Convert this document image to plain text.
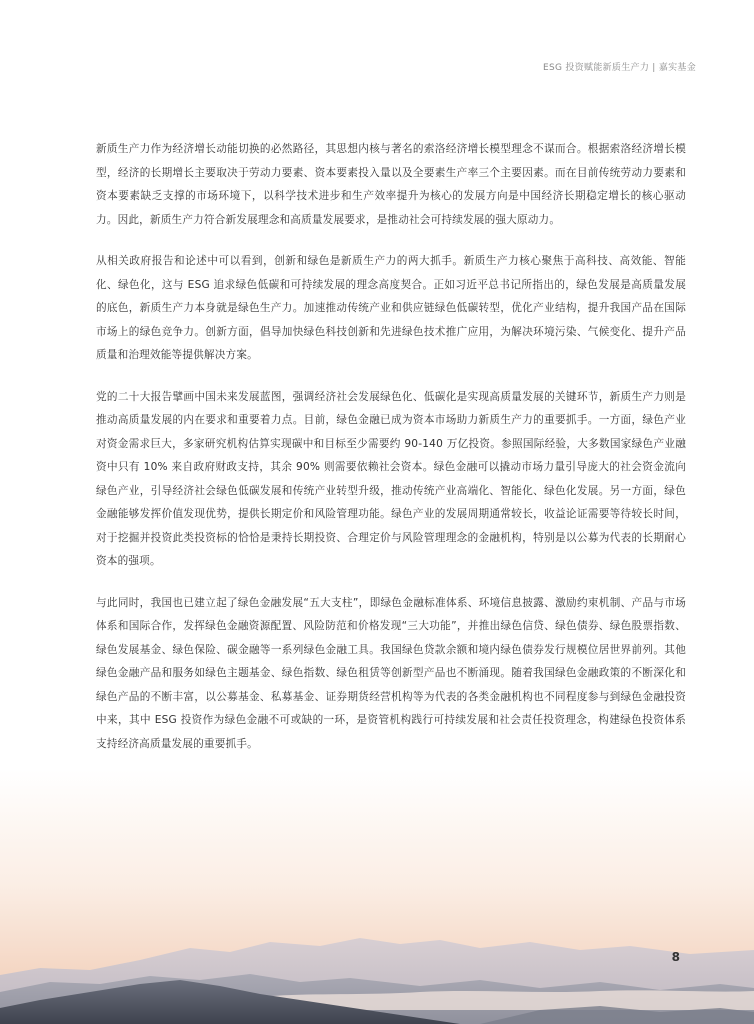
ESG 投资赋能新质生产力 | 嘉实基金

新质生产力作为经济增长动能切换的必然路径，其思想内核与著名的索洛经济增长模型理念不谋而合。根据索洛经济增长模型，经济的长期增长主要取决于劳动力要素、资本要素投入量以及全要素生产率三个主要因素。而在目前传统劳动力要素和资本要素缺乏支撑的市场环境下，以科学技术进步和生产效率提升为核心的发展方向是中国经济长期稳定增长的核心驱动力。因此，新质生产力符合新发展理念和高质量发展要求，是推动社会可持续发展的强大原动力。

从相关政府报告和论述中可以看到，创新和绿色是新质生产力的两大抓手。新质生产力核心聚焦于高科技、高效能、智能化、绿色化，这与 ESG 追求绿色低碳和可持续发展的理念高度契合。正如习近平总书记所指出的，绿色发展是高质量发展的底色，新质生产力本身就是绿色生产力。加速推动传统产业和供应链绿色低碳转型，优化产业结构，提升我国产品在国际市场上的绿色竞争力。创新方面，倡导加快绿色科技创新和先进绿色技术推广应用，为解决环境污染、气候变化、提升产品质量和治理效能等提供解决方案。

党的二十大报告擘画中国未来发展蓝图，强调经济社会发展绿色化、低碳化是实现高质量发展的关键环节，新质生产力则是推动高质量发展的内在要求和重要着力点。目前，绿色金融已成为资本市场助力新质生产力的重要抓手。一方面，绿色产业对资金需求巨大，多家研究机构估算实现碳中和目标至少需要约 90-140 万亿投资。参照国际经验，大多数国家绿色产业融资中只有 10% 来自政府财政支持，其余 90% 则需要依赖社会资本。绿色金融可以撬动市场力量引导庞大的社会资金流向绿色产业，引导经济社会绿色低碳发展和传统产业转型升级，推动传统产业高端化、智能化、绿色化发展。另一方面，绿色金融能够发挥价值发现优势，提供长期定价和风险管理功能。绿色产业的发展周期通常较长，收益论证需要等待较长时间，对于挖掘并投资此类投资标的恰恰是秉持长期投资、合理定价与风险管理理念的金融机构，特别是以公募为代表的长期耐心资本的强项。

与此同时，我国也已建立起了绿色金融发展“五大支柱”，即绿色金融标准体系、环境信息披露、激励约束机制、产品与市场体系和国际合作，发挥绿色金融资源配置、风险防范和价格发现“三大功能”，并推出绿色信贷、绿色债券、绿色股票指数、绿色发展基金、绿色保险、碳金融等一系列绿色金融工具。我国绿色贷款余额和境内绿色债券发行规模位居世界前列。其他绿色金融产品和服务如绿色主题基金、绿色指数、绿色租赁等创新型产品也不断涌现。随着我国绿色金融政策的不断深化和绿色产品的不断丰富，以公募基金、私募基金、证券期货经营机构等为代表的各类金融机构也不同程度参与到绿色金融投资中来，其中 ESG 投资作为绿色金融不可或缺的一环，是资管机构践行可持续发展和社会责任投资理念，构建绿色投资体系支持经济高质量发展的重要抓手。

8
